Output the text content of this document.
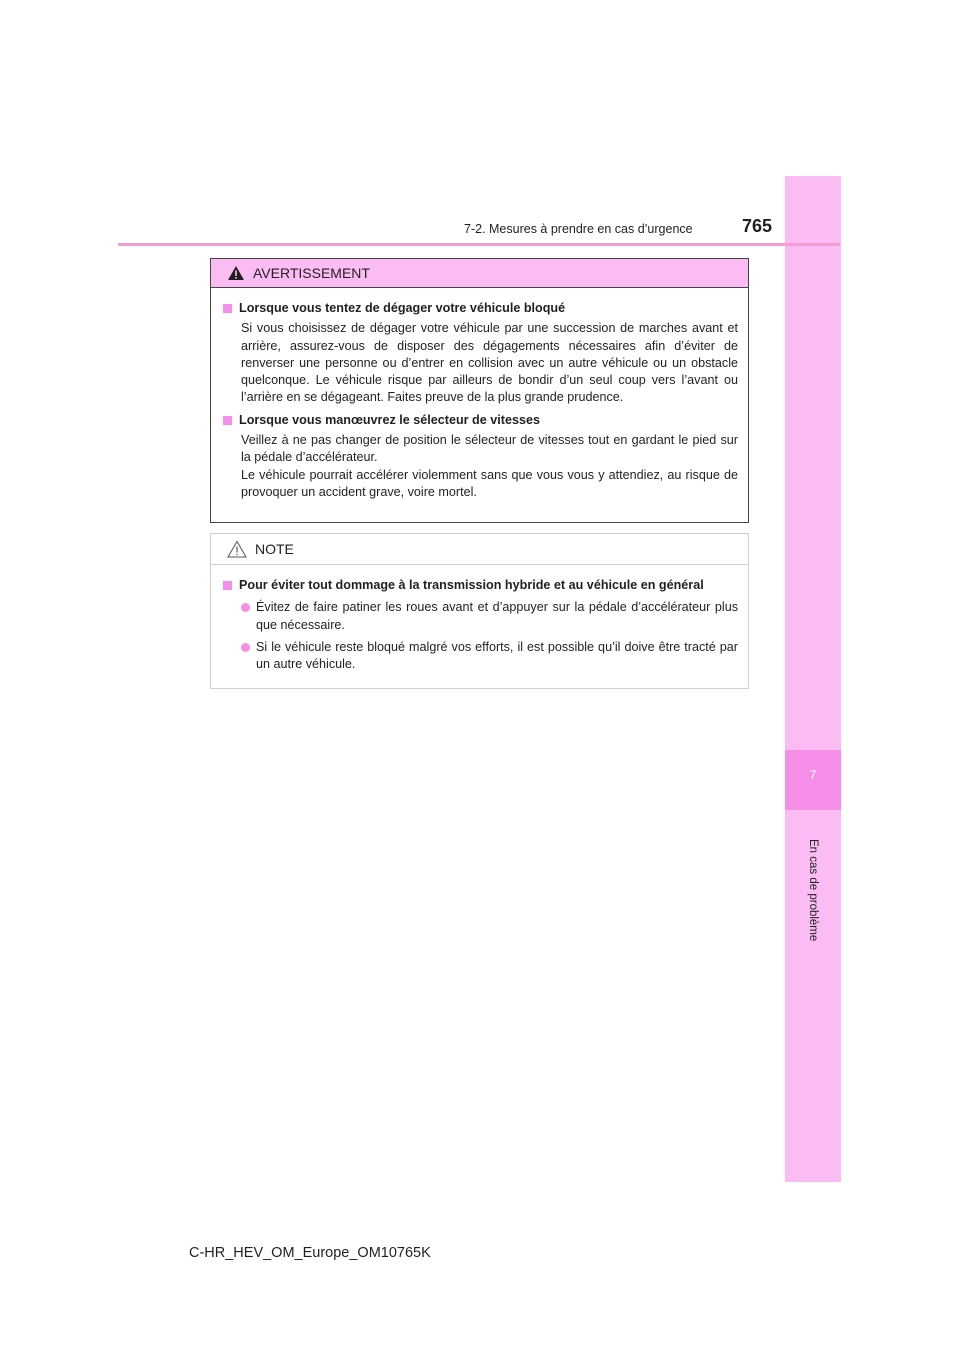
7
En cas de problème
7-2. Mesures à prendre en cas d’urgence	765
AVERTISSEMENT
Lorsque vous tentez de dégager votre véhicule bloqué

Si vous choisissez de dégager votre véhicule par une succession de marches avant et arrière, assurez-vous de disposer des dégagements nécessaires afin d’éviter de renverser une personne ou d’entrer en collision avec un autre véhicule ou un obstacle quelconque. Le véhicule risque par ailleurs de bondir d’un seul coup vers l’avant ou l’arrière en se dégageant. Faites preuve de la plus grande prudence.

Lorsque vous manœuvrez le sélecteur de vitesses

Veillez à ne pas changer de position le sélecteur de vitesses tout en gardant le pied sur la pédale d’accélérateur.

Le véhicule pourrait accélérer violemment sans que vous vous y attendiez, au risque de provoquer un accident grave, voire mortel.

NOTE
Pour éviter tout dommage à la transmission hybride et au véhicule en général
Évitez de faire patiner les roues avant et d’appuyer sur la pédale d’accélérateur plus que nécessaire.
Si le véhicule reste bloqué malgré vos efforts, il est possible qu’il doive être tracté par un autre véhicule.
C-HR_HEV_OM_Europe_OM10765K
